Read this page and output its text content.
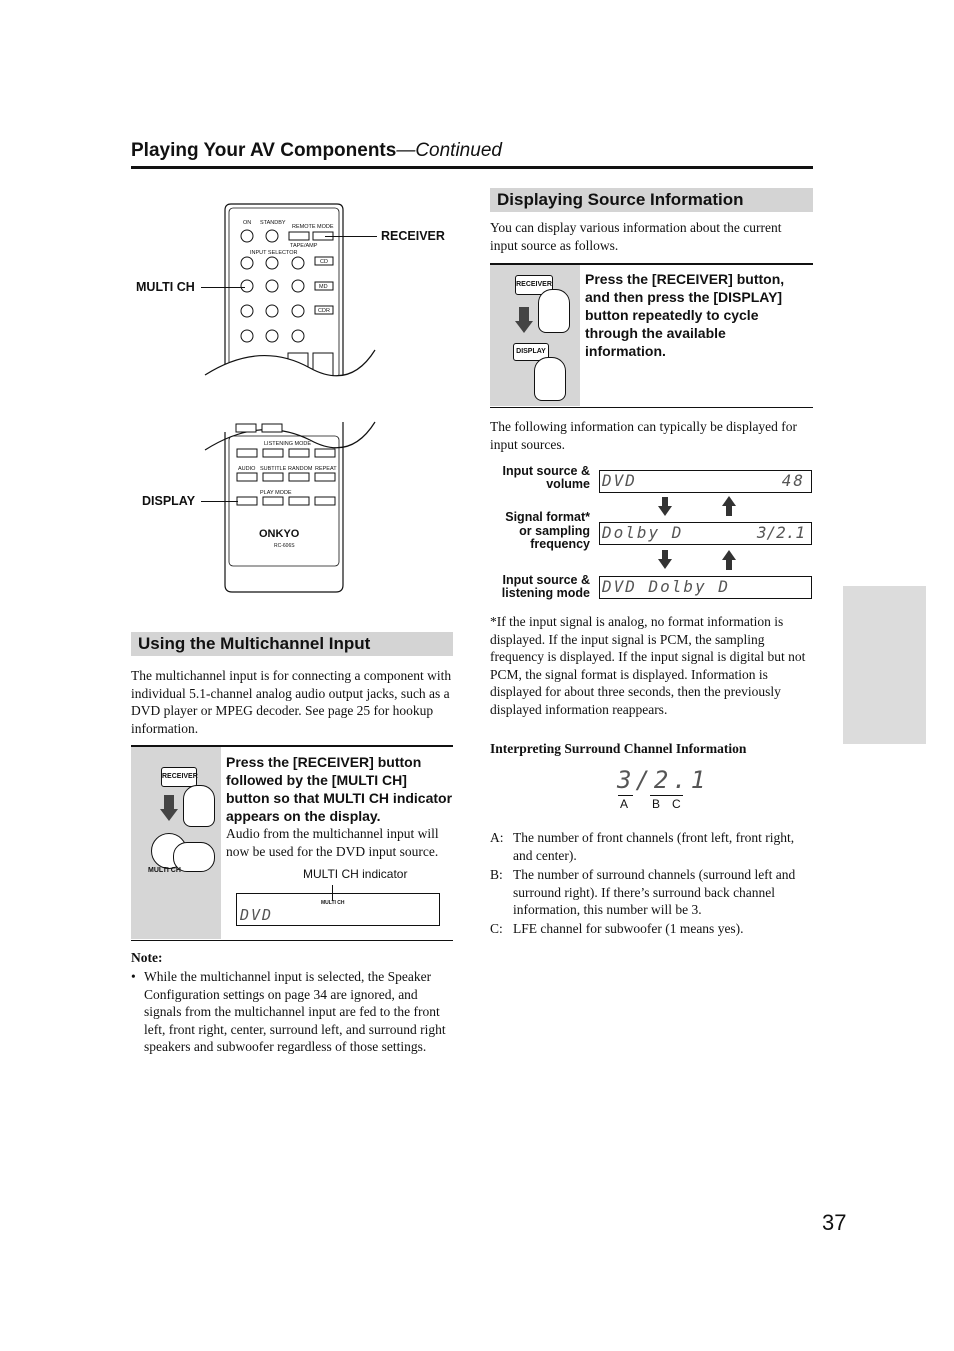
Playing Your AV Components—Continued
ON STANDBY
REMOTE MODE
TAPE/AMP
INPUT SELECTOR
CD
MD
CDR
LISTENING MODE
AUDIO SUBTITLE RANDOM REPEAT
PLAY MODE
ONKYO
RC-606S
RECEIVER
MULTI CH
DISPLAY
Using the Multichannel Input
The multichannel input is for connecting a component with individual 5.1-channel analog audio output jacks, such as a DVD player or MPEG decoder. See page 25 for hookup information.
RECEIVER
MULTI CH
Press the [RECEIVER] button followed by the [MULTI CH] button so that MULTI CH indicator appears on the display.
Audio from the multichannel input will now be used for the DVD input source.
MULTI CH indicator
MULTI CH
DVD
Note:
• While the multichannel input is selected, the Speaker Configuration settings on page 34 are ignored, and signals from the multichannel input are fed to the front left, front right, center, surround left, and surround right speakers and subwoofer regardless of those settings.
Displaying Source Information
You can display various information about the current input source as follows.
RECEIVER
DISPLAY
Press the [RECEIVER] button, and then press the [DISPLAY] button repeatedly to cycle through the available information.
The following information can typically be displayed for input sources.
Input source & volume DVD	48
Signal format* or sampling frequency
Dolby D	 3/2.1
Input source & listening mode DVD Dolby D
*If the input signal is analog, no format information is displayed. If the input signal is PCM, the sampling frequency is displayed. If the input signal is digital but not PCM, the signal format is displayed. Information is displayed for about three seconds, then the previously displayed information reappears.
Interpreting Surround Channel Information
3/2.1
A B C
A: The number of front channels (front left, front right, and center).
B: The number of surround channels (surround left and surround right). If there’s surround back channel information, this number will be 3.
C: LFE channel for subwoofer (1 means yes).
37
